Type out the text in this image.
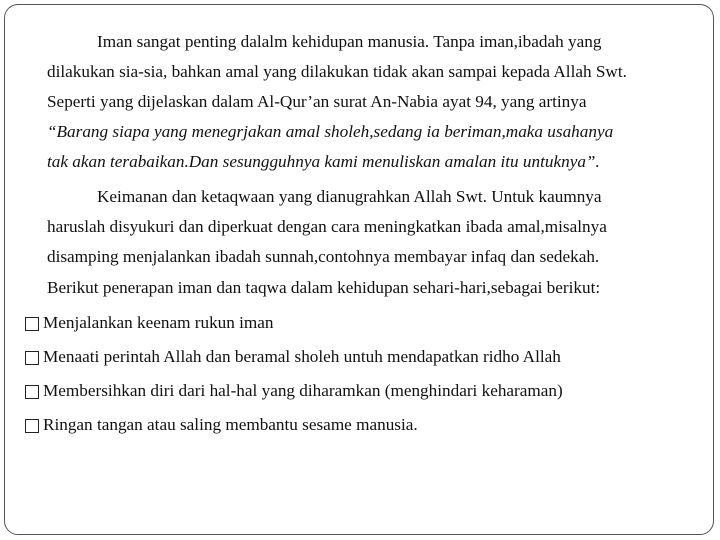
Iman sangat penting dalalm kehidupan manusia. Tanpa iman,ibadah yang
dilakukan sia-sia, bahkan amal yang dilakukan tidak akan sampai kepada Allah Swt.
Seperti yang dijelaskan dalam Al-Qur’an surat An-Nabia ayat 94, yang artinya
“Barang siapa yang menegrjakan amal sholeh,sedang ia beriman,maka usahanya
tak akan terabaikan.Dan sesungguhnya kami menuliskan amalan itu untuknya”.
Keimanan dan ketaqwaan yang dianugrahkan Allah Swt. Untuk kaumnya
haruslah disyukuri dan diperkuat dengan cara meningkatkan ibada amal,misalnya
disamping menjalankan ibadah sunnah,contohnya membayar infaq dan sedekah.
Berikut penerapan iman dan taqwa dalam kehidupan sehari-hari,sebagai berikut:
Menjalankan keenam rukun iman
Menaati perintah Allah dan beramal sholeh untuh mendapatkan ridho Allah
Membersihkan diri dari hal-hal yang diharamkan (menghindari keharaman)
Ringan tangan atau saling membantu sesame manusia.
